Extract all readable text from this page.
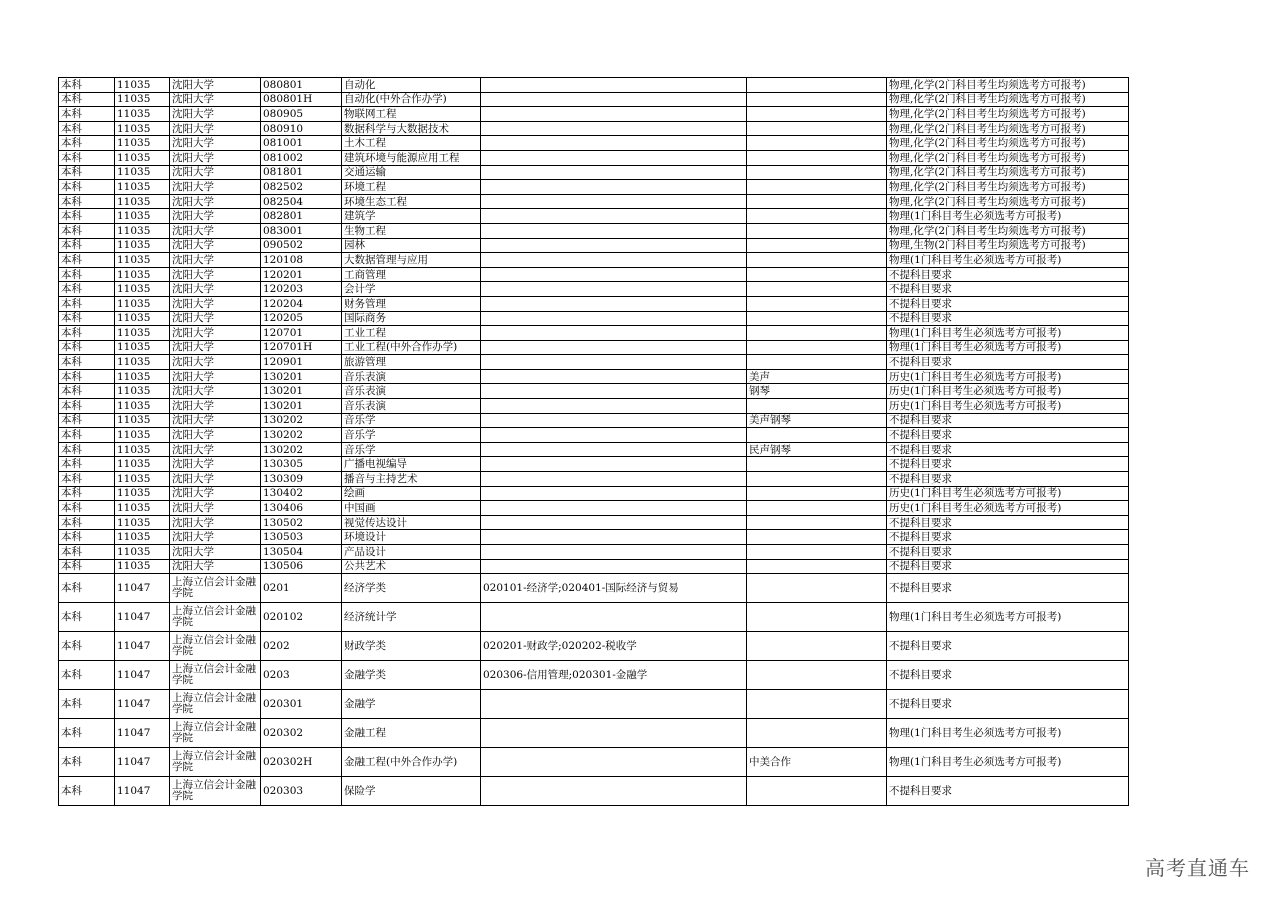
本科	11035	沈阳大学	080801	自动化			物理,化学(2门科目考生均须选考方可报考)
本科	11035	沈阳大学	080801H	自动化(中外合作办学)			物理,化学(2门科目考生均须选考方可报考)
本科	11035	沈阳大学	080905	物联网工程			物理,化学(2门科目考生均须选考方可报考)
本科	11035	沈阳大学	080910	数据科学与大数据技术			物理,化学(2门科目考生均须选考方可报考)
本科	11035	沈阳大学	081001	土木工程			物理,化学(2门科目考生均须选考方可报考)
本科	11035	沈阳大学	081002	建筑环境与能源应用工程			物理,化学(2门科目考生均须选考方可报考)
本科	11035	沈阳大学	081801	交通运输			物理,化学(2门科目考生均须选考方可报考)
本科	11035	沈阳大学	082502	环境工程			物理,化学(2门科目考生均须选考方可报考)
本科	11035	沈阳大学	082504	环境生态工程			物理,化学(2门科目考生均须选考方可报考)
本科	11035	沈阳大学	082801	建筑学			物理(1门科目考生必须选考方可报考)
本科	11035	沈阳大学	083001	生物工程			物理,化学(2门科目考生均须选考方可报考)
本科	11035	沈阳大学	090502	园林			物理,生物(2门科目考生均须选考方可报考)
本科	11035	沈阳大学	120108	大数据管理与应用			物理(1门科目考生必须选考方可报考)
本科	11035	沈阳大学	120201	工商管理			不提科目要求
本科	11035	沈阳大学	120203	会计学			不提科目要求
本科	11035	沈阳大学	120204	财务管理			不提科目要求
本科	11035	沈阳大学	120205	国际商务			不提科目要求
本科	11035	沈阳大学	120701	工业工程			物理(1门科目考生必须选考方可报考)
本科	11035	沈阳大学	120701H	工业工程(中外合作办学)			物理(1门科目考生必须选考方可报考)
本科	11035	沈阳大学	120901	旅游管理			不提科目要求
本科	11035	沈阳大学	130201	音乐表演		美声	历史(1门科目考生必须选考方可报考)
本科	11035	沈阳大学	130201	音乐表演		钢琴	历史(1门科目考生必须选考方可报考)
本科	11035	沈阳大学	130201	音乐表演			历史(1门科目考生必须选考方可报考)
本科	11035	沈阳大学	130202	音乐学		美声钢琴	不提科目要求
本科	11035	沈阳大学	130202	音乐学			不提科目要求
本科	11035	沈阳大学	130202	音乐学		民声钢琴	不提科目要求
本科	11035	沈阳大学	130305	广播电视编导			不提科目要求
本科	11035	沈阳大学	130309	播音与主持艺术			不提科目要求
本科	11035	沈阳大学	130402	绘画			历史(1门科目考生必须选考方可报考)
本科	11035	沈阳大学	130406	中国画			历史(1门科目考生必须选考方可报考)
本科	11035	沈阳大学	130502	视觉传达设计			不提科目要求
本科	11035	沈阳大学	130503	环境设计			不提科目要求
本科	11035	沈阳大学	130504	产品设计			不提科目要求
本科	11035	沈阳大学	130506	公共艺术			不提科目要求
本科	11047	上海立信会计金融学院	0201	经济学类	020101-经济学;020401-国际经济与贸易		不提科目要求
本科	11047	上海立信会计金融学院	020102	经济统计学			物理(1门科目考生必须选考方可报考)
本科	11047	上海立信会计金融学院	0202	财政学类	020201-财政学;020202-税收学		不提科目要求
本科	11047	上海立信会计金融学院	0203	金融学类	020306-信用管理;020301-金融学		不提科目要求
本科	11047	上海立信会计金融学院	020301	金融学			不提科目要求
本科	11047	上海立信会计金融学院	020302	金融工程			物理(1门科目考生必须选考方可报考)
本科	11047	上海立信会计金融学院	020302H	金融工程(中外合作办学)		中美合作	物理(1门科目考生必须选考方可报考)
本科	11047	上海立信会计金融学院	020303	保险学			不提科目要求
高考直通车
